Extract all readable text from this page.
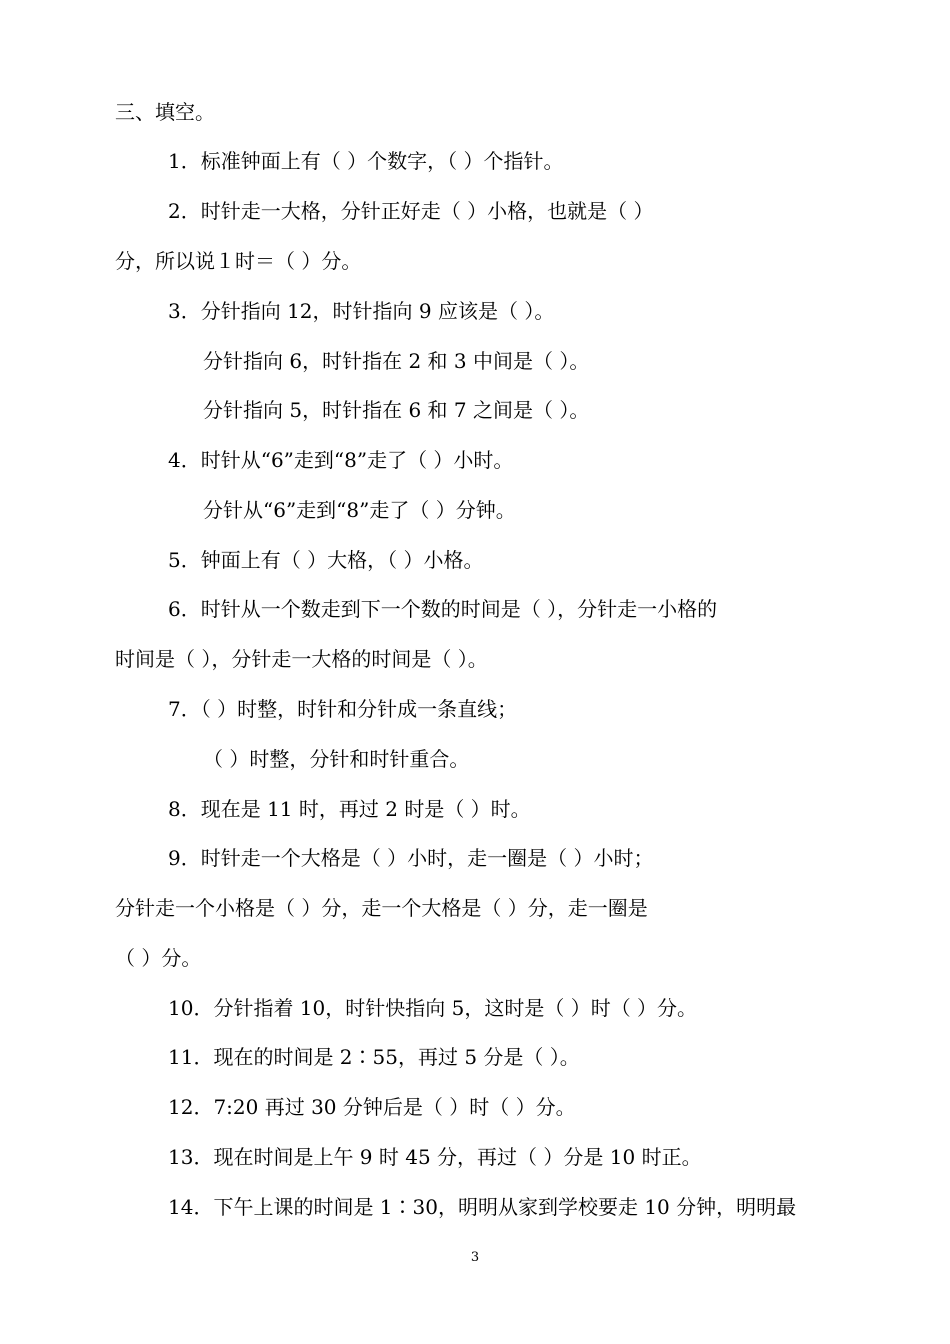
三、填空。
1．标准钟面上有（ ）个数字，（ ）个指针。
2．时针走一大格，分针正好走（ ）小格，也就是（ ）
分，所以说１时＝（ ）分。
3．分针指向 12，时针指向 9 应该是（ ）。
分针指向 6，时针指在 2 和 3 中间是（ ）。
分针指向 5，时针指在 6 和 7 之间是（ ）。
4．时针从“6”走到“8”走了（ ）小时。
分针从“6”走到“8”走了（ ）分钟。
5．钟面上有（ ）大格，（ ）小格。
6．时针从一个数走到下一个数的时间是（ ），分针走一小格的
时间是（ ），分针走一大格的时间是（ ）。
7．（ ）时整，时针和分针成一条直线；
（ ）时整，分针和时针重合。
8．现在是 11 时，再过 2 时是（ ）时。
9．时针走一个大格是（ ）小时，走一圈是（ ）小时；
分针走一个小格是（ ）分，走一个大格是（ ）分，走一圈是
（ ）分。
10．分针指着 10，时针快指向 5，这时是（ ）时（ ）分。
11．现在的时间是 2∶55，再过 5 分是（ ）。
12．7:20 再过 30 分钟后是（ ）时（ ）分。
13．现在时间是上午 9 时 45 分，再过（ ）分是 10 时正。
14．下午上课的时间是 1∶30，明明从家到学校要走 10 分钟，明明最
3
